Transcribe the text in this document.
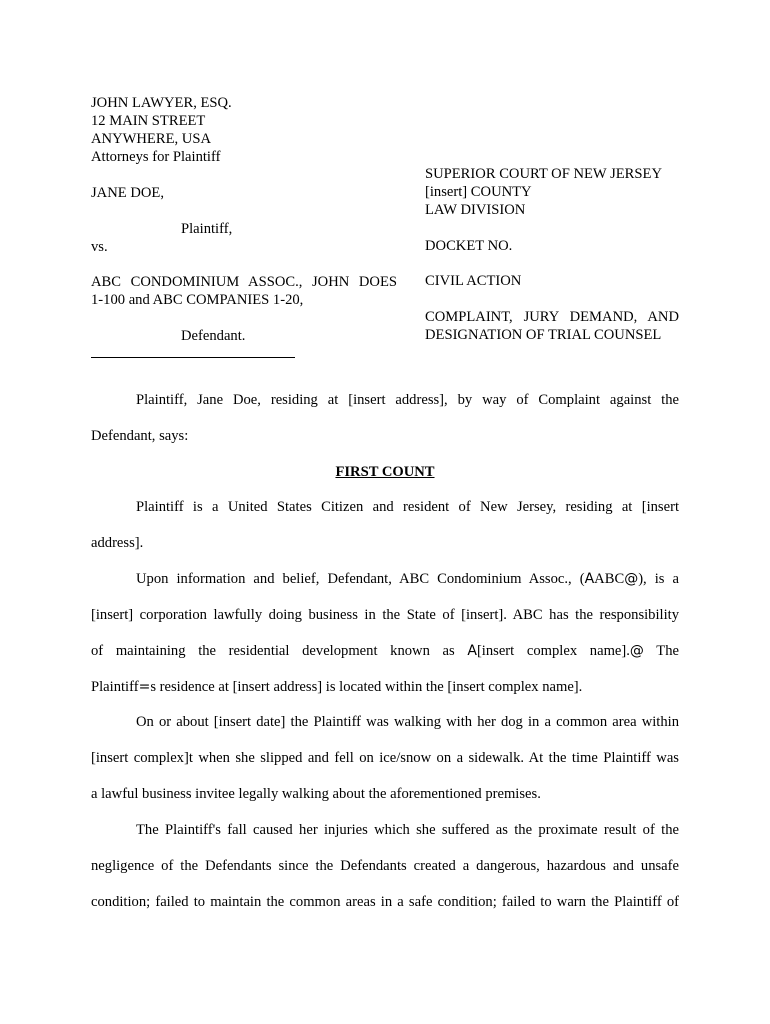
JOHN LAWYER, ESQ.
12 MAIN STREET
ANYWHERE, USA
Attorneys for Plaintiff
JANE DOE,
Plaintiff,
vs.
ABC CONDOMINIUM ASSOC., JOHN DOES
1-100 and ABC COMPANIES 1-20,
Defendant.
SUPERIOR COURT OF NEW JERSEY
[insert] COUNTY
LAW DIVISION
DOCKET NO.
CIVIL ACTION
COMPLAINT, JURY DEMAND, AND
DESIGNATION OF TRIAL COUNSEL
Plaintiff, Jane Doe, residing at [insert address], by way of Complaint against the
Defendant, says:
FIRST COUNT
Plaintiff is a United States Citizen and resident of New Jersey, residing at [insert
address].
Upon information and belief, Defendant, ABC Condominium Assoc., (AABC@), is a
[insert] corporation lawfully doing business in the State of [insert]. ABC has the responsibility
of maintaining the residential development known as A[insert complex name].@ The
Plaintiff=s residence at [insert address] is located within the [insert complex name].
On or about [insert date] the Plaintiff was walking with her dog in a common area within
[insert complex]t when she slipped and fell on ice/snow on a sidewalk. At the time Plaintiff was
a lawful business invitee legally walking about the aforementioned premises.
The Plaintiff's fall caused her injuries which she suffered as the proximate result of the
negligence of the Defendants since the Defendants created a dangerous, hazardous and unsafe
condition; failed to maintain the common areas in a safe condition; failed to warn the Plaintiff of
